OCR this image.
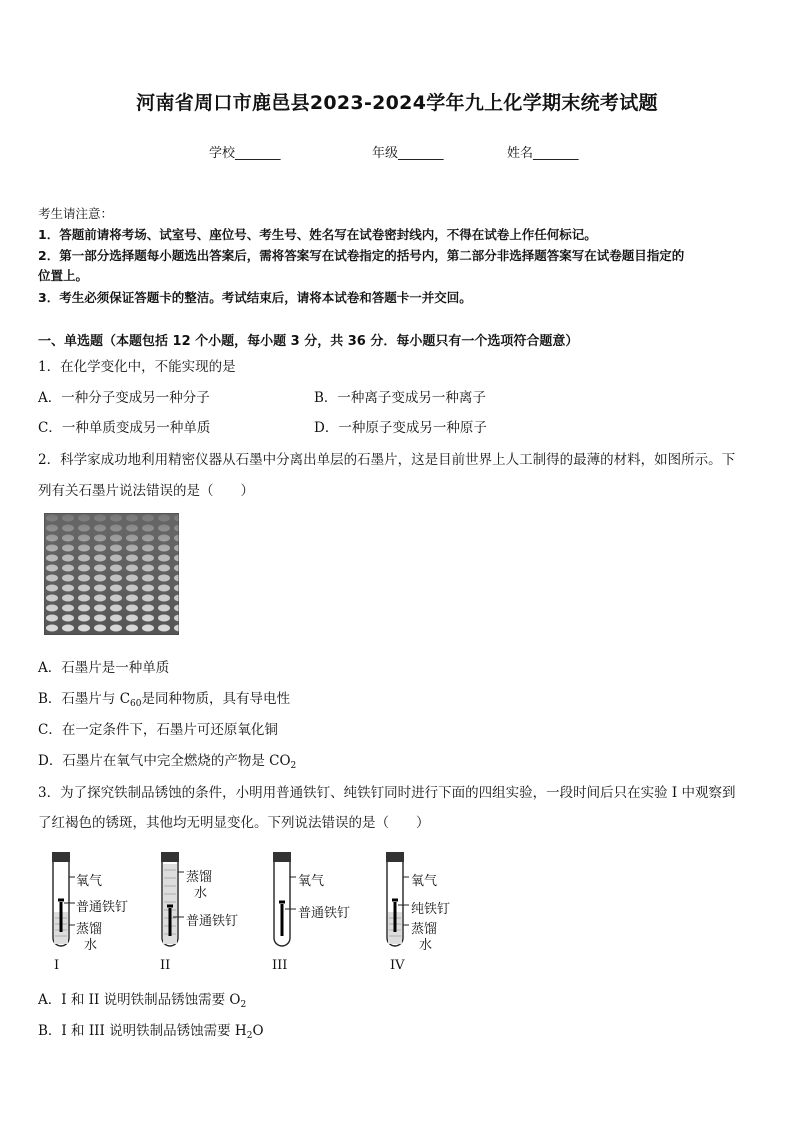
河南省周口市鹿邑县2023-2024学年九上化学期末统考试题
学校_______	年级_______	姓名_______
考生请注意：
1．答题前请将考场、试室号、座位号、考生号、姓名写在试卷密封线内，不得在试卷上作任何标记。
2．第一部分选择题每小题选出答案后，需将答案写在试卷指定的括号内，第二部分非选择题答案写在试卷题目指定的
位置上。
3．考生必须保证答题卡的整洁。考试结束后，请将本试卷和答题卡一并交回。
一、单选题（本题包括 12 个小题，每小题 3 分，共 36 分．每小题只有一个选项符合题意）
1．在化学变化中，不能实现的是
A．一种分子变成另一种分子	B．一种离子变成另一种离子
C．一种单质变成另一种单质	D．一种原子变成另一种原子
2．科学家成功地利用精密仪器从石墨中分离出单层的石墨片，这是目前世界上人工制得的最薄的材料，如图所示。下
列有关石墨片说法错误的是（　　）
A．石墨片是一种单质
B．石墨片与 $C_{60}$是同种物质，具有导电性
C．在一定条件下，石墨片可还原氧化铜
D．石墨片在氧气中完全燃烧的产物是 $CO_2$
3．为了探究铁制品锈蚀的条件，小明用普通铁钉、纯铁钉同时进行下面的四组实验，一段时间后只在实验 I 中观察到
了红褐色的锈斑，其他均无明显变化。下列说法错误的是（　　）
氧气
普通铁钉
蒸馏
水
I
蒸馏
水
普通铁钉
II
氧气
普通铁钉
III
氧气
纯铁钉
蒸馏
水
IV
A．I 和 II 说明铁制品锈蚀需要 $O_2$
B．I 和 III 说明铁制品锈蚀需要 $H_2O$
